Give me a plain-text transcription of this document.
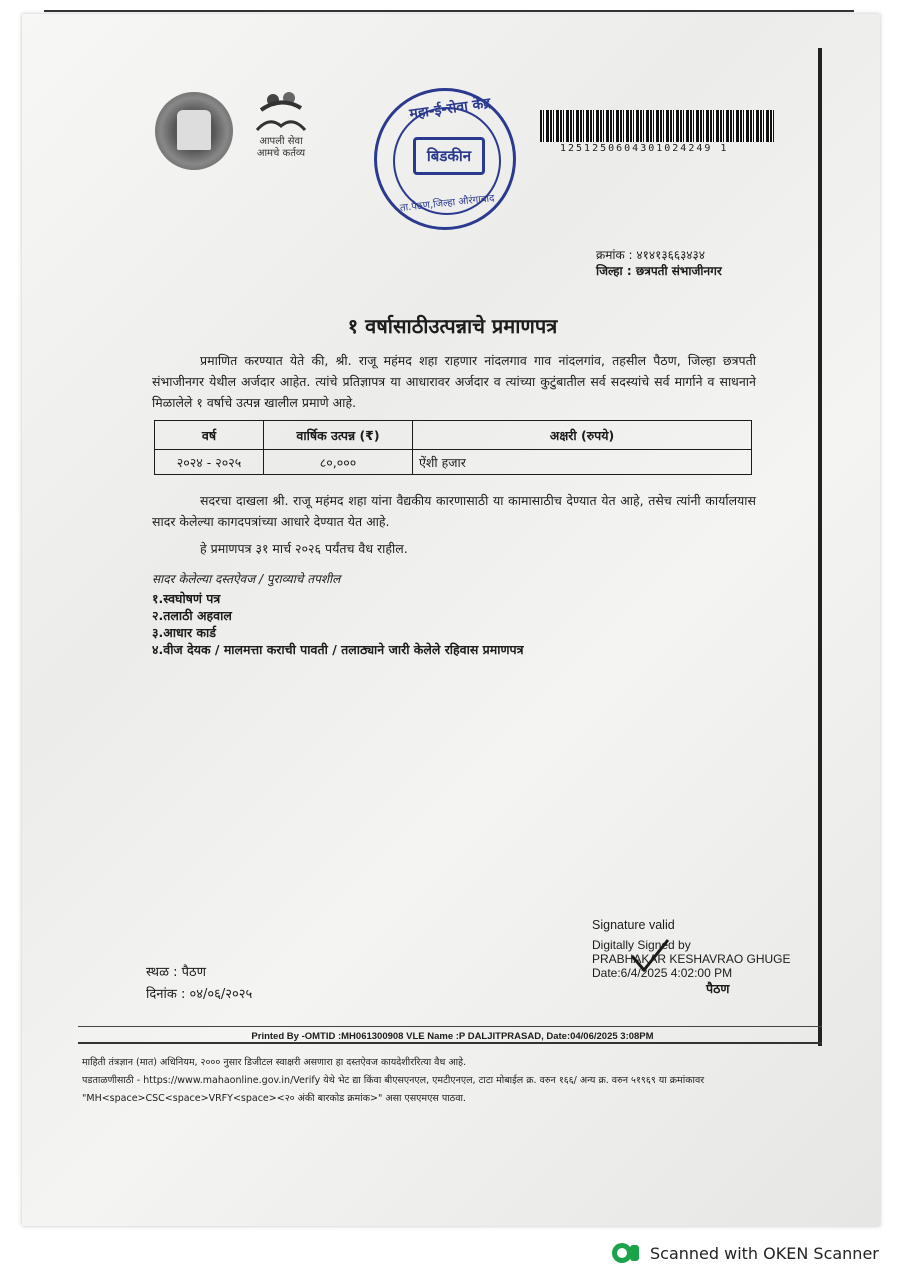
आपली सेवा
आमचे कर्तव्य
महा-ई-सेवा केंद्र
बिडकीन
ता.पैठण,जिल्हा औरंगाबाद
1251250604301024249 1
क्रमांक : ४१४१३६६३४३४
जिल्हा : छत्रपती संभाजीनगर
१ वर्षासाठीउत्पन्नाचे प्रमाणपत्र
प्रमाणित करण्यात येते की, श्री. राजू महंमद शहा राहणार नांदलगाव गाव नांदलगांव, तहसील पैठण, जिल्हा छत्रपती संभाजीनगर येथील अर्जदार आहेत. त्यांचे प्रतिज्ञापत्र या आधारावर अर्जदार व त्यांच्या कुटुंबातील सर्व सदस्यांचे सर्व मार्गाने व साधनाने मिळालेले १ वर्षाचे उत्पन्न खालील प्रमाणे आहे.
वर्ष	वार्षिक उत्पन्न (₹)	अक्षरी (रुपये)
२०२४ - २०२५	८०,०००	ऐंशी हजार
सदरचा दाखला श्री. राजू महंमद शहा यांना वैद्यकीय कारणासाठी या कामासाठीच देण्यात येत आहे, तसेच त्यांनी कार्यालयास सादर केलेल्या कागदपत्रांच्या आधारे देण्यात येत आहे.
हे प्रमाणपत्र ३१ मार्च २०२६ पर्यंतच वैध राहील.
सादर केलेल्या दस्तऐवज / पुराव्याचे तपशील
१.स्वघोषणं पत्र
२.तलाठी अहवाल
३.आधार कार्ड
४.वीज देयक / मालमत्ता कराची पावती / तलाठ्याने जारी केलेले रहिवास प्रमाणपत्र
Signature valid
Digitally Signed by
PRABHAKAR KESHAVRAO GHUGE
Date:6/4/2025 4:02:00 PM
पैठण
स्थळ : पैठण
दिनांक : ०४/०६/२०२५
Printed By -OMTID :MH061300908 VLE Name :P DALJITPRASAD, Date:04/06/2025 3:08PM
माहिती तंत्रज्ञान (मात) अधिनियम, २००० नुसार डिजीटल स्वाक्षरी असणारा हा दस्तऐवज कायदेशीररित्या वैध आहे.
पडताळणीसाठी - https://www.mahaonline.gov.in/Verify येथे भेट द्या किंवा बीएसएनएल, एमटीएनएल, टाटा मोबाईल क्र. वरुन १६६/ अन्य क्र. वरुन ५१९६९ या क्रमांकावर
"MH<space>CSC<space>VRFY<space><२० अंकी बारकोड क्रमांक>" असा एसएमएस पाठवा.
Scanned with OKEN Scanner
